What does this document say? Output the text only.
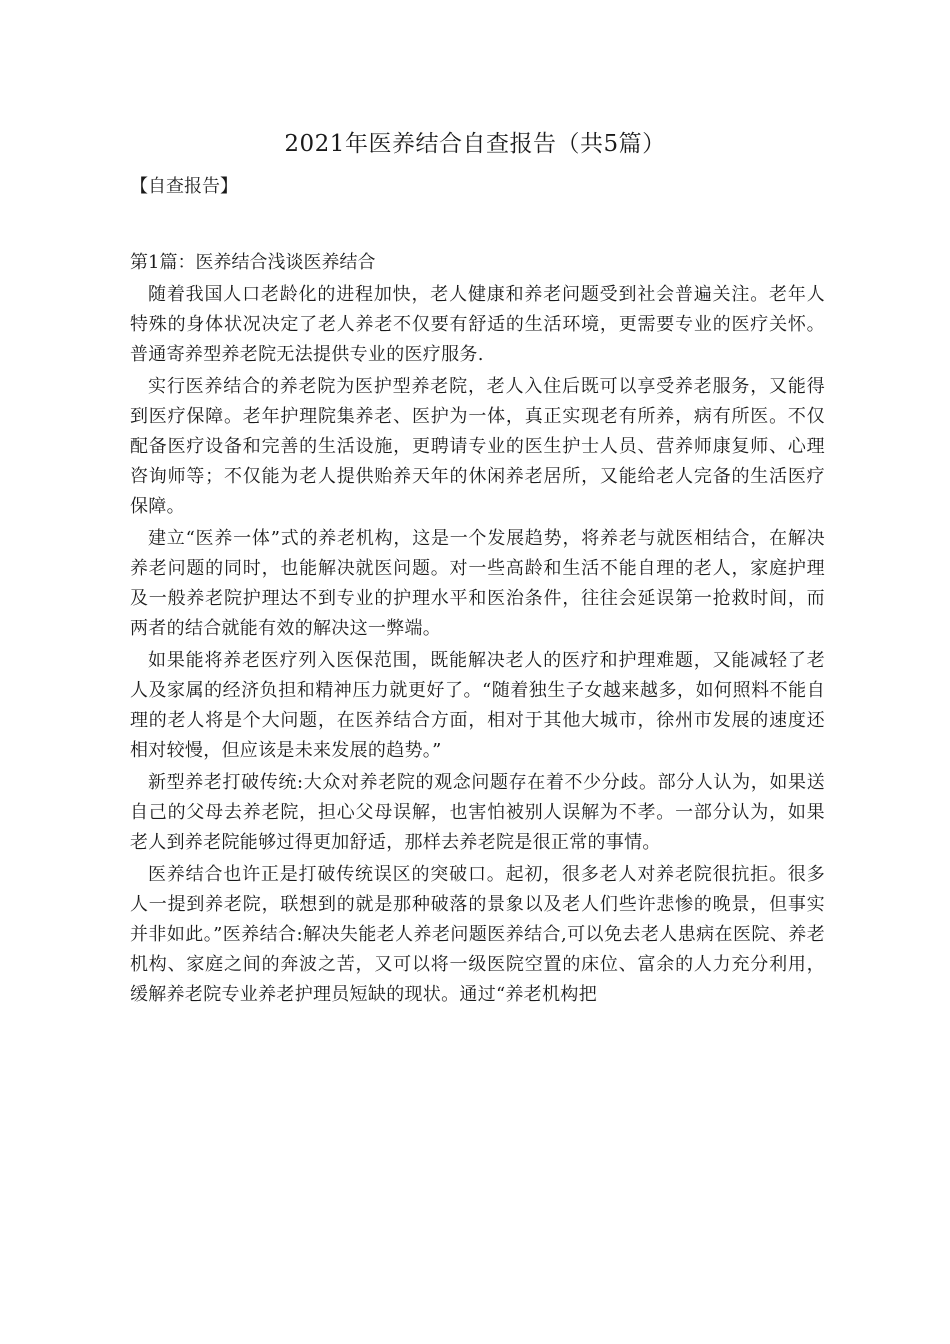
2021年医养结合自查报告（共5篇）
【自查报告】
第1篇：医养结合浅谈医养结合

随着我国人口老龄化的进程加快，老人健康和养老问题受到社会普遍关注。老年人特殊的身体状况决定了老人养老不仅要有舒适的生活环境，更需要专业的医疗关怀。普通寄养型养老院无法提供专业的医疗服务.

实行医养结合的养老院为医护型养老院，老人入住后既可以享受养老服务，又能得到医疗保障。老年护理院集养老、医护为一体，真正实现老有所养，病有所医。不仅配备医疗设备和完善的生活设施，更聘请专业的医生护士人员、营养师康复师、心理咨询师等；不仅能为老人提供贻养天年的休闲养老居所，又能给老人完备的生活医疗保障。

建立“医养一体”式的养老机构，这是一个发展趋势，将养老与就医相结合，在解决养老问题的同时，也能解决就医问题。对一些高龄和生活不能自理的老人，家庭护理及一般养老院护理达不到专业的护理水平和医治条件，往往会延误第一抢救时间，而两者的结合就能有效的解决这一弊端。

如果能将养老医疗列入医保范围，既能解决老人的医疗和护理难题，又能减轻了老人及家属的经济负担和精神压力就更好了。“随着独生子女越来越多，如何照料不能自理的老人将是个大问题，在医养结合方面，相对于其他大城市，徐州市发展的速度还相对较慢，但应该是未来发展的趋势。”

新型养老打破传统:大众对养老院的观念问题存在着不少分歧。部分人认为，如果送自己的父母去养老院，担心父母误解，也害怕被别人误解为不孝。一部分认为，如果老人到养老院能够过得更加舒适，那样去养老院是很正常的事情。

医养结合也许正是打破传统误区的突破口。起初，很多老人对养老院很抗拒。很多人一提到养老院，联想到的就是那种破落的景象以及老人们些许悲惨的晚景，但事实并非如此。”医养结合:解决失能老人养老问题医养结合,可以免去老人患病在医院、养老机构、家庭之间的奔波之苦，又可以将一级医院空置的床位、富余的人力充分利用，缓解养老院专业养老护理员短缺的现状。通过“养老机构把
